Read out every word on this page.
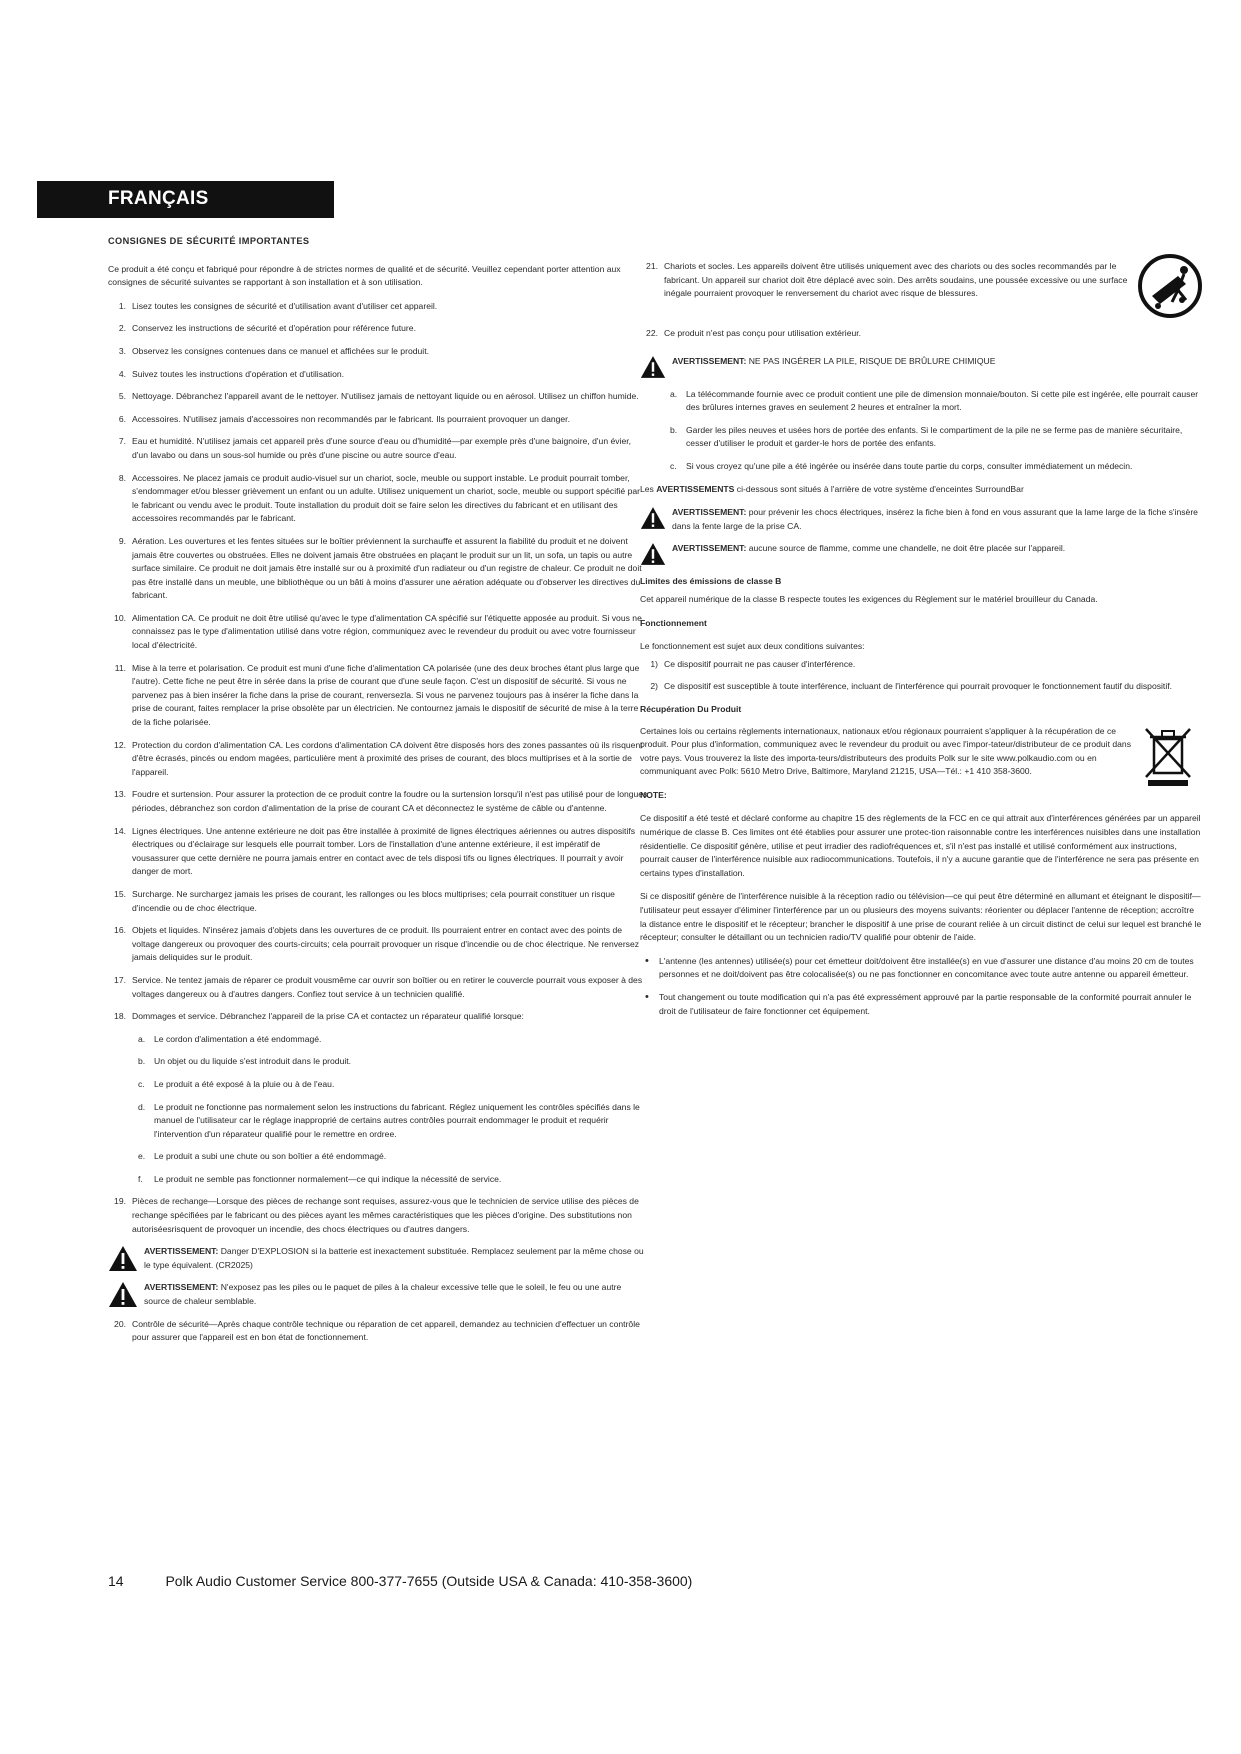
FRANÇAIS
CONSIGNES DE SÉCURITÉ IMPORTANTES
Ce produit a été conçu et fabriqué pour répondre à de strictes normes de qualité et de sécurité. Veuillez cependant porter attention aux consignes de sécurité suivantes se rapportant à son installation et à son utilisation.
1. Lisez toutes les consignes de sécurité et d'utilisation avant d'utiliser cet appareil.
2. Conservez les instructions de sécurité et d'opération pour référence future.
3. Observez les consignes contenues dans ce manuel et affichées sur le produit.
4. Suivez toutes les instructions d'opération et d'utilisation.
5. Nettoyage. Débranchez l'appareil avant de le nettoyer. N'utilisez jamais de nettoyant liquide ou en aérosol. Utilisez un chiffon humide.
6. Accessoires. N'utilisez jamais d'accessoires non recommandés par le fabricant. Ils pourraient provoquer un danger.
7. Eau et humidité. N'utilisez jamais cet appareil près d'une source d'eau ou d'humidité—par exemple près d'une baignoire, d'un évier, d'un lavabo ou dans un sous-sol humide ou près d'une piscine ou autre source d'eau.
8. Accessoires. Ne placez jamais ce produit audio-visuel sur un chariot, socle, meuble ou support instable. Le produit pourrait tomber, s'endommager et/ou blesser grièvement un enfant ou un adulte. Utilisez uniquement un chariot, socle, meuble ou support spécifié par le fabricant ou vendu avec le produit. Toute installation du produit doit se faire selon les directives du fabricant et en utilisant des accessoires recommandés par le fabricant.
9. Aération. Les ouvertures et les fentes situées sur le boîtier préviennent la surchauffe et assurent la fiabilité du produit et ne doivent jamais être couvertes ou obstruées. Elles ne doivent jamais être obstruées en plaçant le produit sur un lit, un sofa, un tapis ou autre surface similaire. Ce produit ne doit jamais être installé sur ou à proximité d'un radiateur ou d'un registre de chaleur. Ce produit ne doit pas être installé dans un meuble, une bibliothèque ou un bâti à moins d'assurer une aération adéquate ou d'observer les directives du fabricant.
10. Alimentation CA. Ce produit ne doit être utilisé qu'avec le type d'alimentation CA spécifié sur l'étiquette apposée au produit. Si vous ne connaissez pas le type d'alimentation utilisé dans votre région, communiquez avec le revendeur du produit ou avec votre fournisseur local d'électricité.
11. Mise à la terre et polarisation. Ce produit est muni d'une fiche d'alimentation CA polarisée (une des deux broches étant plus large que l'autre). Cette fiche ne peut être in sérée dans la prise de courant que d'une seule façon. C'est un dispositif de sécurité. Si vous ne parvenez pas à bien insérer la fiche dans la prise de courant, renversezla. Si vous ne parvenez toujours pas à insérer la fiche dans la prise de courant, faites remplacer la prise obsolète par un électricien. Ne contournez jamais le dispositif de sécurité de mise à la terre de la fiche polarisée.
12. Protection du cordon d'alimentation CA. Les cordons d'alimentation CA doivent être disposés hors des zones passantes où ils risquent d'être écrasés, pincés ou endom magées, particulière ment à proximité des prises de courant, des blocs multiprises et à la sortie de l'appareil.
13. Foudre et surtension. Pour assurer la protection de ce produit contre la foudre ou la surtension lorsqu'il n'est pas utilisé pour de longues périodes, débranchez son cordon d'alimentation de la prise de courant CA et déconnectez le système de câble ou d'antenne.
14. Lignes électriques. Une antenne extérieure ne doit pas être installée à proximité de lignes électriques aériennes ou autres dispositifs électriques ou d'éclairage sur lesquels elle pourrait tomber. Lors de l'installation d'une antenne extérieure, il est impératif de vousassurer que cette dernière ne pourra jamais entrer en contact avec de tels disposi tifs ou lignes électriques. Il pourrait y avoir danger de mort.
15. Surcharge. Ne surchargez jamais les prises de courant, les rallonges ou les blocs multiprises; cela pourrait constituer un risque d'incendie ou de choc électrique.
16. Objets et liquides. N'insérez jamais d'objets dans les ouvertures de ce produit. Ils pourraient entrer en contact avec des points de voltage dangereux ou provoquer des courts-circuits; cela pourrait provoquer un risque d'incendie ou de choc électrique. Ne renversez jamais deliquides sur le produit.
17. Service. Ne tentez jamais de réparer ce produit vousmême car ouvrir son boîtier ou en retirer le couvercle pourrait vous exposer à des voltages dangereux ou à d'autres dangers. Confiez tout service à un technicien qualifié.
18. Dommages et service. Débranchez l'appareil de la prise CA et contactez un réparateur qualifié lorsque:
a.	Le cordon d'alimentation a été endommagé.
b.	Un objet ou du liquide s'est introduit dans le produit.
c.	Le produit a été exposé à la pluie ou à de l'eau.
d.	Le produit ne fonctionne pas normalement selon les instructions du fabricant. Réglez uniquement les contrôles spécifiés dans le manuel de l'utilisateur car le réglage inapproprié de certains autres contrôles pourrait endommager le produit et requérir l'intervention d'un réparateur qualifié pour le remettre en ordree.
e.	Le produit a subi une chute ou son boîtier a été endommagé.
f.	Le produit ne semble pas fonctionner normalement—ce qui indique la nécessité de service.
19. Pièces de rechange—Lorsque des pièces de rechange sont requises, assurez-vous que le technicien de service utilise des pièces de rechange spécifiées par le fabricant ou des pièces ayant les mêmes caractéristiques que les pièces d'origine. Des substitutions non autoriséesrisquent de provoquer un incendie, des chocs électriques ou d'autres dangers.
AVERTISSEMENT: Danger D'EXPLOSION si la batterie est inexactement substituée. Remplacez seulement par la même chose ou le type équivalent. (CR2025)
AVERTISSEMENT: N'exposez pas les piles ou le paquet de piles à la chaleur excessive telle que le soleil, le feu ou une autre source de chaleur semblable.
20. Contrôle de sécurité—Après chaque contrôle technique ou réparation de cet appareil, demandez au technicien d'effectuer un contrôle pour assurer que l'appareil est en bon état de fonctionnement.
21. Chariots et socles. Les appareils doivent être utilisés uniquement avec des chariots ou des socles recommandés par le fabricant. Un appareil sur chariot doit être déplacé avec soin. Des arrêts soudains, une poussée excessive ou une surface inégale pourraient provoquer le renversement du chariot avec risque de blessures.
22. Ce produit n'est pas conçu pour utilisation extérieur.
AVERTISSEMENT: NE PAS INGÉRER LA PILE, RISQUE DE BRÛLURE CHIMIQUE
a.	La télécommande fournie avec ce produit contient une pile de dimension monnaie/bouton. Si cette pile est ingérée, elle pourrait causer des brûlures internes graves en seulement 2 heures et entraîner la mort.
b.	Garder les piles neuves et usées hors de portée des enfants. Si le compartiment de la pile ne se ferme pas de manière sécuritaire, cesser d'utiliser le produit et garder-le hors de portée des enfants.
c.	Si vous croyez qu'une pile a été ingérée ou insérée dans toute partie du corps, consulter immédiatement un médecin.
Les AVERTISSEMENTS ci-dessous sont situés à l'arrière de votre système d'enceintes SurroundBar
AVERTISSEMENT: pour prévenir les chocs électriques, insérez la fiche bien à fond en vous assurant que la lame large de la fiche s'insère dans la fente large de la prise CA.
AVERTISSEMENT: aucune source de flamme, comme une chandelle, ne doit être placée sur l'appareil.
Limites des émissions de classe B
Cet appareil numérique de la classe B respecte toutes les exigences du Règlement sur le matériel brouilleur du Canada.
Fonctionnement
Le fonctionnement est sujet aux deux conditions suivantes:
1) Ce dispositif pourrait ne pas causer d'interférence.
2) Ce dispositif est susceptible à toute interférence, incluant de l'interférence qui pourrait provoquer le fonctionnement fautif du dispositif.
Récupération Du Produit
Certaines lois ou certains règlements internationaux, nationaux et/ou régionaux pourraient s'appliquer à la récupération de ce produit. Pour plus d'information, communiquez avec le revendeur du produit ou avec l'impor-tateur/distributeur de ce produit dans votre pays. Vous trouverez la liste des importa-teurs/distributeurs des produits Polk sur le site www.polkaudio.com ou en communiquant avec Polk: 5610 Metro Drive, Baltimore, Maryland 21215, USA—Tél.: +1 410 358-3600.
NOTE:
Ce dispositif a été testé et déclaré conforme au chapitre 15 des règlements de la FCC en ce qui attrait aux d'interférences générées par un appareil numérique de classe B. Ces limites ont été établies pour assurer une protec-tion raisonnable contre les interférences nuisibles dans une installation résidentielle. Ce dispositif génère, utilise et peut irradier des radiofréquences et, s'il n'est pas installé et utilisé conformément aux instructions, pourrait causer de l'interférence nuisible aux radiocommunications. Toutefois, il n'y a aucune garantie que de l'interférence ne sera pas présente en certains types d'installation.
Si ce dispositif génère de l'interférence nuisible à la réception radio ou télévision—ce qui peut être déterminé en allumant et éteignant le dispositif—l'utilisateur peut essayer d'éliminer l'interférence par un ou plusieurs des moyens suivants: réorienter ou déplacer l'antenne de réception; accroître la distance entre le dispositif et le récepteur; brancher le dispositif à une prise de courant reliée à un circuit distinct de celui sur lequel est branché le récepteur; consulter le détaillant ou un technicien radio/TV qualifié pour obtenir de l'aide.
•	L'antenne (les antennes) utilisée(s) pour cet émetteur doit/doivent être installée(s) en vue d'assurer une distance d'au moins 20 cm de toutes personnes et ne doit/doivent pas être colocalisée(s) ou ne pas fonctionner en concomitance avec toute autre antenne ou appareil émetteur.
•	Tout changement ou toute modification qui n'a pas été expressément approuvé par la partie responsable de la conformité pourrait annuler le droit de l'utilisateur de faire fonctionner cet équipement.
14	Polk Audio Customer Service 800-377-7655 (Outside USA & Canada: 410-358-3600)
